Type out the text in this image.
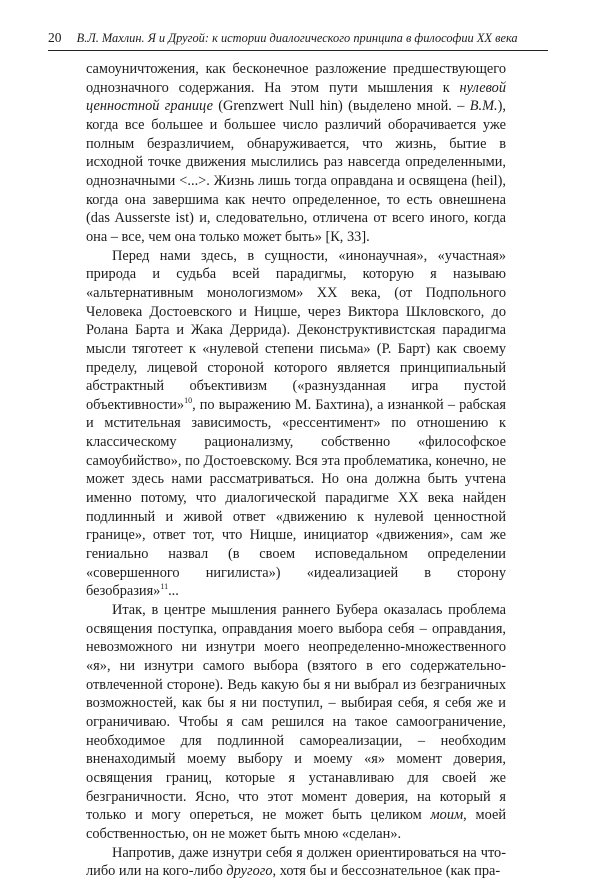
20 В.Л. Махлин. Я и Другой: к истории диалогического принципа в философии XX века

самоуничтожения, как бесконечное разложение предшествующего однозначного содержания. На этом пути мышления к нулевой ценностной границе (Grenzwert Null hin) (выделено мной. – В.М.), когда все большее и большее число различий оборачивается уже полным безразличием, обнаруживается, что жизнь, бытие в исходной точке движения мыслились раз навсегда определенными, однозначными <...>. Жизнь лишь тогда оправдана и освящена (heil), когда она завершима как нечто определенное, то есть овнешнена (das Ausserste ist) и, следовательно, отличена от всего иного, когда она – все, чем она только может быть» [К, 33].

Перед нами здесь, в сущности, «инонаучная», «участная» природа и судьба всей парадигмы, которую я называю «альтернативным монологизмом» XX века, (от Подпольного Человека Достоевского и Ницше, через Виктора Шкловского, до Ролана Барта и Жака Деррида). Деконструктивистская парадигма мысли тяготеет к «нулевой степени письма» (Р. Барт) как своему пределу, лицевой стороной которого является принципиальный абстрактный объективизм («разнузданная игра пустой объективности»$^{10}$, по выражению М. Бахтина), а изнанкой – рабская и мстительная зависимость, «рессентимент» по отношению к классическому рационализму, собственно «философское самоубийство», по Достоевскому. Вся эта проблематика, конечно, не может здесь нами рассматриваться. Но она должна быть учтена именно потому, что диалогической парадигме XX века найден подлинный и живой ответ «движению к нулевой ценностной границе», ответ тот, что Ницше, инициатор «движения», сам же гениально назвал (в своем исповедальном определении «совершенного нигилиста») «идеализацией в сторону безобразия»$^{11}$...

Итак, в центре мышления раннего Бубера оказалась проблема освящения поступка, оправдания моего выбора себя – оправдания, невозможного ни изнутри моего неопределенно-множественного «я», ни изнутри самого выбора (взятого в его содержательно-отвлеченной стороне). Ведь какую бы я ни выбрал из безграничных возможностей, как бы я ни поступил, – выбирая себя, я себя же и ограничиваю. Чтобы я сам решился на такое самоограничение, необходимое для подлинной самореализации, – необходим вненаходимый моему выбору и моему «я» момент доверия, освящения границ, которые я устанавливаю для своей же безграничности. Ясно, что этот момент доверия, на который я только и могу опереться, не может быть целиком моим, моей собственностью, он не может быть мною «сделан».

Напротив, даже изнутри себя я должен ориентироваться на что-либо или на кого-либо другого, хотя бы и бессознательное (как пра-
